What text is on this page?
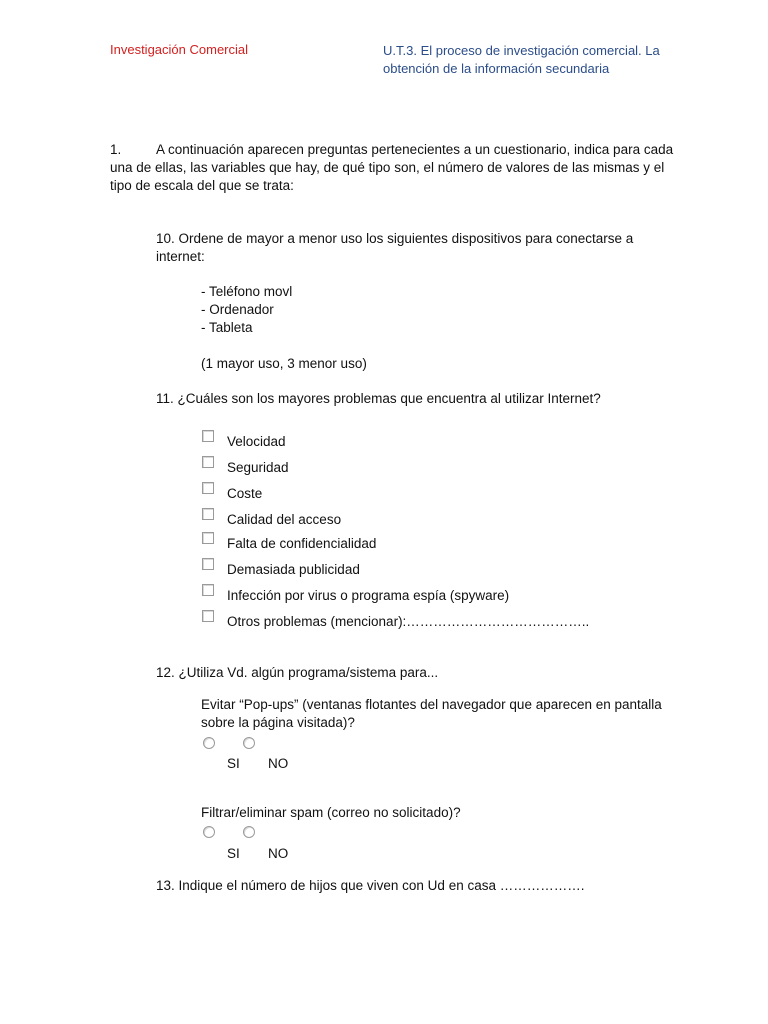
Investigación Comercial	U.T.3. El proceso de investigación comercial. La
obtención de la información secundaria
1.	A continuación aparecen preguntas pertenecientes a un cuestionario, indica para cada
una de ellas, las variables que hay, de qué tipo son, el número de valores de las mismas y el
tipo de escala del que se trata:
10. Ordene de mayor a menor uso los siguientes dispositivos para conectarse a
internet:
- Teléfono movl
- Ordenador
- Tableta
(1 mayor uso, 3 menor uso)
11. ¿Cuáles son los mayores problemas que encuentra al utilizar Internet?
Velocidad
Seguridad
Coste
Calidad del acceso
Falta de confidencialidad
Demasiada publicidad
Infección por virus o programa espía (spyware)
Otros problemas (mencionar):…………………………………..
12. ¿Utiliza Vd. algún programa/sistema para...
Evitar “Pop-ups” (ventanas flotantes del navegador que aparecen en pantalla
sobre la página visitada)?
SI NO
Filtrar/eliminar spam (correo no solicitado)?
SI NO
13. Indique el número de hijos que viven con Ud en casa ……………….
